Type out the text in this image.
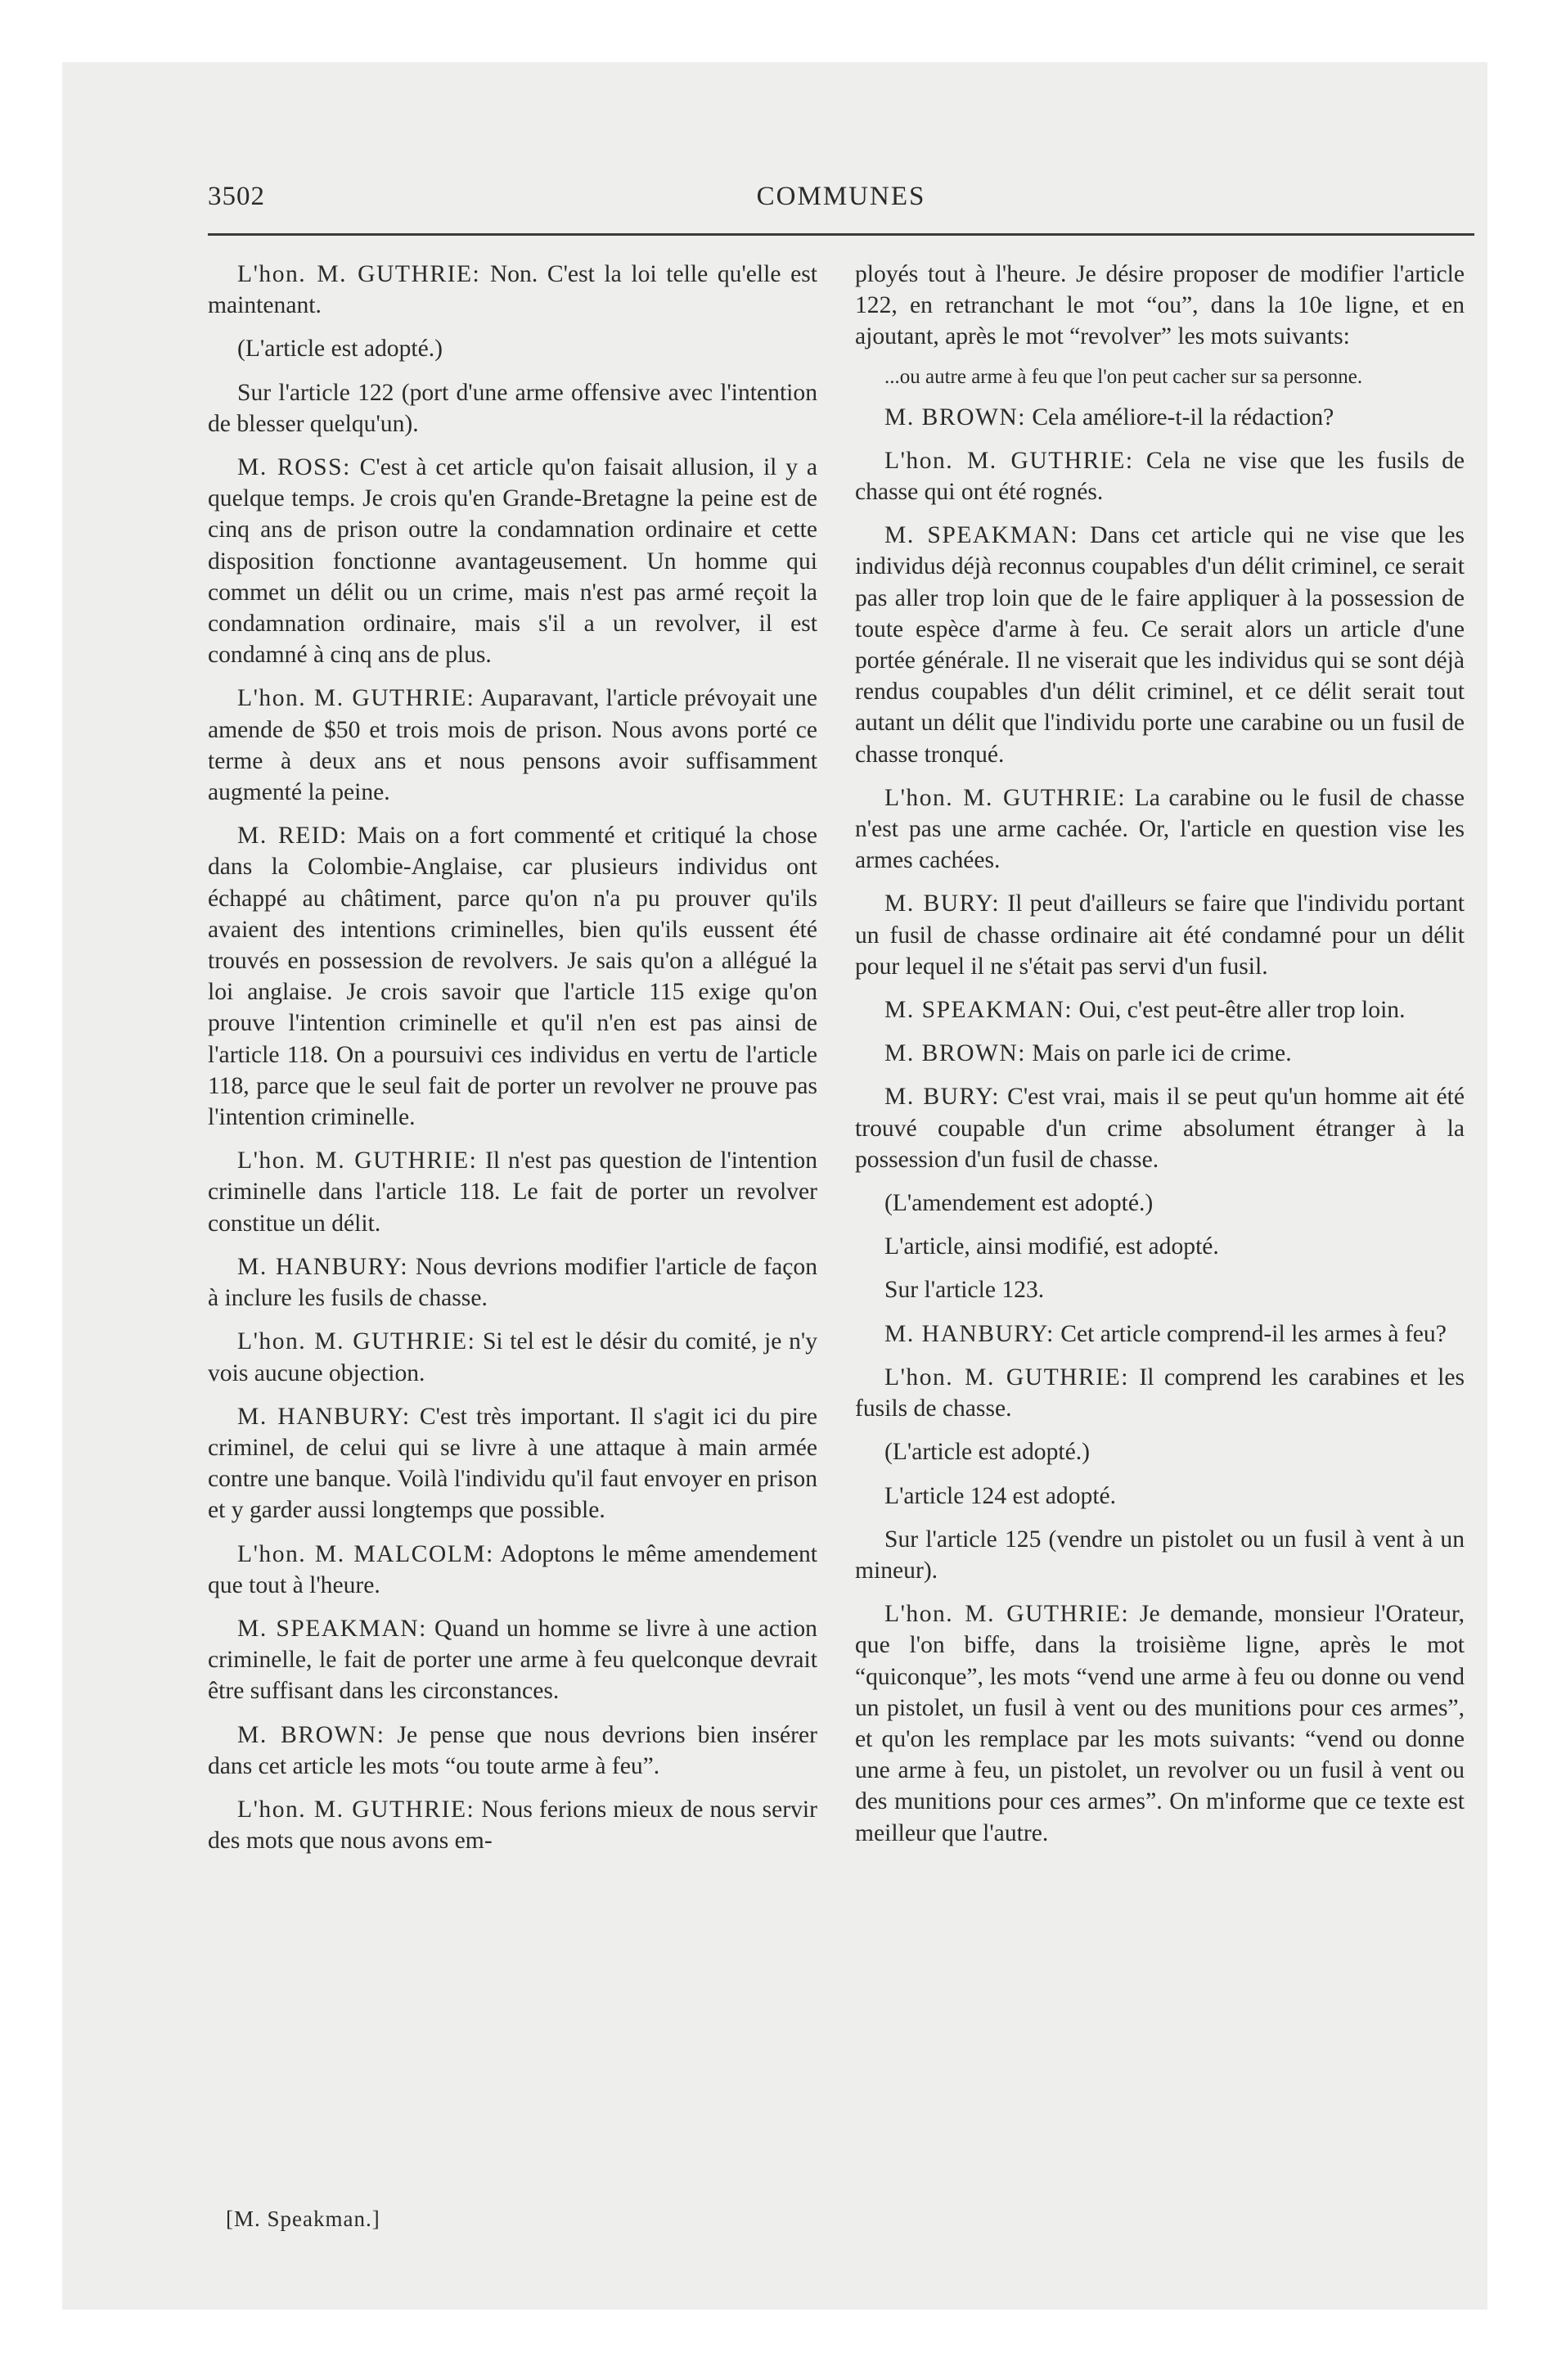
3502	COMMUNES

L'hon. M. GUTHRIE: Non. C'est la loi telle qu'elle est maintenant.

(L'article est adopté.)

Sur l'article 122 (port d'une arme offensive avec l'intention de blesser quelqu'un).

M. ROSS: C'est à cet article qu'on faisait allusion, il y a quelque temps. Je crois qu'en Grande-Bretagne la peine est de cinq ans de prison outre la condamnation ordinaire et cette disposition fonctionne avantageusement. Un homme qui commet un délit ou un crime, mais n'est pas armé reçoit la condamnation ordinaire, mais s'il a un revolver, il est condamné à cinq ans de plus.

L'hon. M. GUTHRIE: Auparavant, l'article prévoyait une amende de $50 et trois mois de prison. Nous avons porté ce terme à deux ans et nous pensons avoir suffisamment augmenté la peine.

M. REID: Mais on a fort commenté et critiqué la chose dans la Colombie-Anglaise, car plusieurs individus ont échappé au châtiment, parce qu'on n'a pu prouver qu'ils avaient des intentions criminelles, bien qu'ils eussent été trouvés en possession de revolvers. Je sais qu'on a allégué la loi anglaise. Je crois savoir que l'article 115 exige qu'on prouve l'intention criminelle et qu'il n'en est pas ainsi de l'article 118. On a poursuivi ces individus en vertu de l'article 118, parce que le seul fait de porter un revolver ne prouve pas l'intention criminelle.

L'hon. M. GUTHRIE: Il n'est pas question de l'intention criminelle dans l'article 118. Le fait de porter un revolver constitue un délit.

M. HANBURY: Nous devrions modifier l'article de façon à inclure les fusils de chasse.

L'hon. M. GUTHRIE: Si tel est le désir du comité, je n'y vois aucune objection.

M. HANBURY: C'est très important. Il s'agit ici du pire criminel, de celui qui se livre à une attaque à main armée contre une banque. Voilà l'individu qu'il faut envoyer en prison et y garder aussi longtemps que possible.

L'hon. M. MALCOLM: Adoptons le même amendement que tout à l'heure.

M. SPEAKMAN: Quand un homme se livre à une action criminelle, le fait de porter une arme à feu quelconque devrait être suffisant dans les circonstances.

M. BROWN: Je pense que nous devrions bien insérer dans cet article les mots “ou toute arme à feu”.

L'hon. M. GUTHRIE: Nous ferions mieux de nous servir des mots que nous avons em-

ployés tout à l'heure. Je désire proposer de modifier l'article 122, en retranchant le mot “ou”, dans la 10e ligne, et en ajoutant, après le mot “revolver” les mots suivants:

...ou autre arme à feu que l'on peut cacher sur sa personne.

M. BROWN: Cela améliore-t-il la rédaction?

L'hon. M. GUTHRIE: Cela ne vise que les fusils de chasse qui ont été rognés.

M. SPEAKMAN: Dans cet article qui ne vise que les individus déjà reconnus coupables d'un délit criminel, ce serait pas aller trop loin que de le faire appliquer à la possession de toute espèce d'arme à feu. Ce serait alors un article d'une portée générale. Il ne viserait que les individus qui se sont déjà rendus coupables d'un délit criminel, et ce délit serait tout autant un délit que l'individu porte une carabine ou un fusil de chasse tronqué.

L'hon. M. GUTHRIE: La carabine ou le fusil de chasse n'est pas une arme cachée. Or, l'article en question vise les armes cachées.

M. BURY: Il peut d'ailleurs se faire que l'individu portant un fusil de chasse ordinaire ait été condamné pour un délit pour lequel il ne s'était pas servi d'un fusil.

M. SPEAKMAN: Oui, c'est peut-être aller trop loin.

M. BROWN: Mais on parle ici de crime.

M. BURY: C'est vrai, mais il se peut qu'un homme ait été trouvé coupable d'un crime absolument étranger à la possession d'un fusil de chasse.

(L'amendement est adopté.)

L'article, ainsi modifié, est adopté.

Sur l'article 123.

M. HANBURY: Cet article comprend-il les armes à feu?

L'hon. M. GUTHRIE: Il comprend les carabines et les fusils de chasse.

(L'article est adopté.)

L'article 124 est adopté.

Sur l'article 125 (vendre un pistolet ou un fusil à vent à un mineur).

L'hon. M. GUTHRIE: Je demande, monsieur l'Orateur, que l'on biffe, dans la troisième ligne, après le mot “quiconque”, les mots “vend une arme à feu ou donne ou vend un pistolet, un fusil à vent ou des munitions pour ces armes”, et qu'on les remplace par les mots suivants: “vend ou donne une arme à feu, un pistolet, un revolver ou un fusil à vent ou des munitions pour ces armes”. On m'informe que ce texte est meilleur que l'autre.

[M. Speakman.]
